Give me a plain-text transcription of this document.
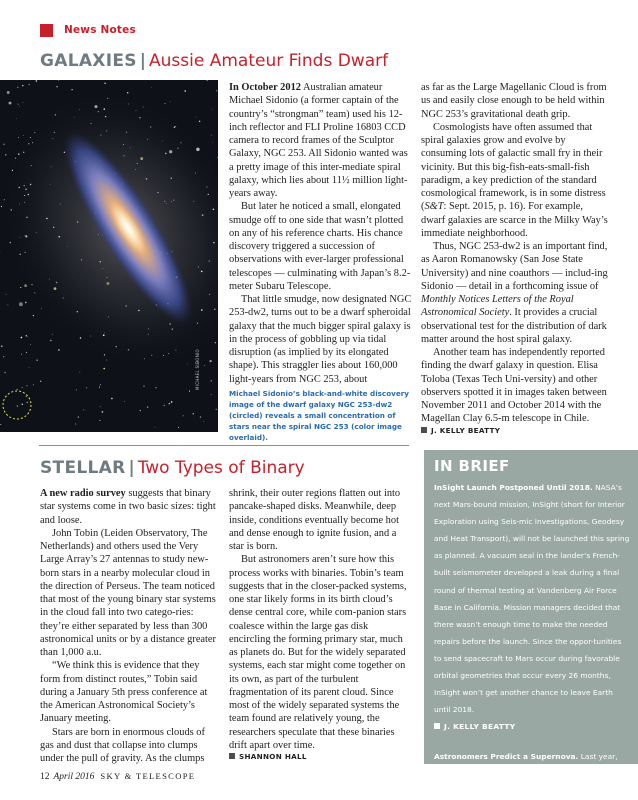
News Notes
GALAXIES | Aussie Amateur Finds Dwarf
MICHAEL SIDONIO

In October 2012 Australian amateur Michael Sidonio (a former captain of the country’s “strongman” team) used his 12-inch reflector and FLI Proline 16803 CCD camera to record frames of the Sculptor Galaxy, NGC 253. All Sidonio wanted was a pretty image of this inter-mediate spiral galaxy, which lies about 11½ million light-years away.

But later he noticed a small, elongated smudge off to one side that wasn’t plotted on any of his reference charts. His chance discovery triggered a succession of observations with ever-larger professional telescopes — culminating with Japan’s 8.2-meter Subaru Telescope.

That little smudge, now designated NGC 253-dw2, turns out to be a dwarf spheroidal galaxy that the much bigger spiral galaxy is in the process of gobbling up via tidal disruption (as implied by its elongated shape). This straggler lies about 160,000 light-years from NGC 253, about

Michael Sidonio’s black-and-white discovery image of the dwarf galaxy NGC 253-dw2 (circled) reveals a small concentration of stars near the spiral NGC 253 (color image overlaid).

as far as the Large Magellanic Cloud is from us and easily close enough to be held within NGC 253’s gravitational death grip.

Cosmologists have often assumed that spiral galaxies grow and evolve by consuming lots of galactic small fry in their vicinity. But this big-fish-eats-small-fish paradigm, a key prediction of the standard cosmological framework, is in some distress (S&T: Sept. 2015, p. 16). For example, dwarf galaxies are scarce in the Milky Way’s immediate neighborhood.

Thus, NGC 253-dw2 is an important find, as Aaron Romanowsky (San Jose State University) and nine coauthors — includ-ing Sidonio — detail in a forthcoming issue of Monthly Notices Letters of the Royal Astronomical Society. It provides a crucial observational test for the distribution of dark matter around the host spiral galaxy.

Another team has independently reported finding the dwarf galaxy in question. Elisa Toloba (Texas Tech Uni-versity) and other observers spotted it in images taken between November 2011 and October 2014 with the Magellan Clay 6.5-m telescope in Chile.

J. KELLY BEATTY

STELLAR | Two Types of Binary

A new radio survey suggests that binary star systems come in two basic sizes: tight and loose.

John Tobin (Leiden Observatory, The Netherlands) and others used the Very Large Array’s 27 antennas to study new-born stars in a nearby molecular cloud in the direction of Perseus. The team noticed that most of the young binary star systems in the cloud fall into two catego-ries: they’re either separated by less than 300 astronomical units or by a distance greater than 1,000 a.u.

“We think this is evidence that they form from distinct routes,” Tobin said during a January 5th press conference at the American Astronomical Society’s January meeting.

Stars are born in enormous clouds of gas and dust that collapse into clumps under the pull of gravity. As the clumps

shrink, their outer regions flatten out into pancake-shaped disks. Meanwhile, deep inside, conditions eventually become hot and dense enough to ignite fusion, and a star is born.

But astronomers aren’t sure how this process works with binaries. Tobin’s team suggests that in the closer-packed systems, one star likely forms in its birth cloud’s dense central core, while com-panion stars coalesce within the large gas disk encircling the forming primary star, much as planets do. But for the widely separated systems, each star might come together on its own, as part of the turbulent fragmentation of its parent cloud. Since most of the widely separated systems the team found are relatively young, the researchers speculate that these binaries drift apart over time.

SHANNON HALL

IN BRIEF
InSight Launch Postponed Until 2018. NASA’s next Mars-bound mission, InSight (short for Interior Exploration using Seis-mic Investigations, Geodesy and Heat Transport), will not be launched this spring as planned. A vacuum seal in the lander’s French-built seismometer developed a leak during a final round of thermal testing at Vandenberg Air Force Base in California. Mission managers decided that there wasn’t enough time to make the needed repairs before the launch. Since the oppor-tunities to send spacecraft to Mars occur during favorable orbital geometries that occur every 26 months, InSight won’t get another chance to leave Earth until 2018.
J. KELLY BEATTY
Astronomers Predict a Supernova. Last year, Patrick Kelly (University of California, Berkeley) and colleagues announced the
12 April 2016 SKY & TELESCOPE
